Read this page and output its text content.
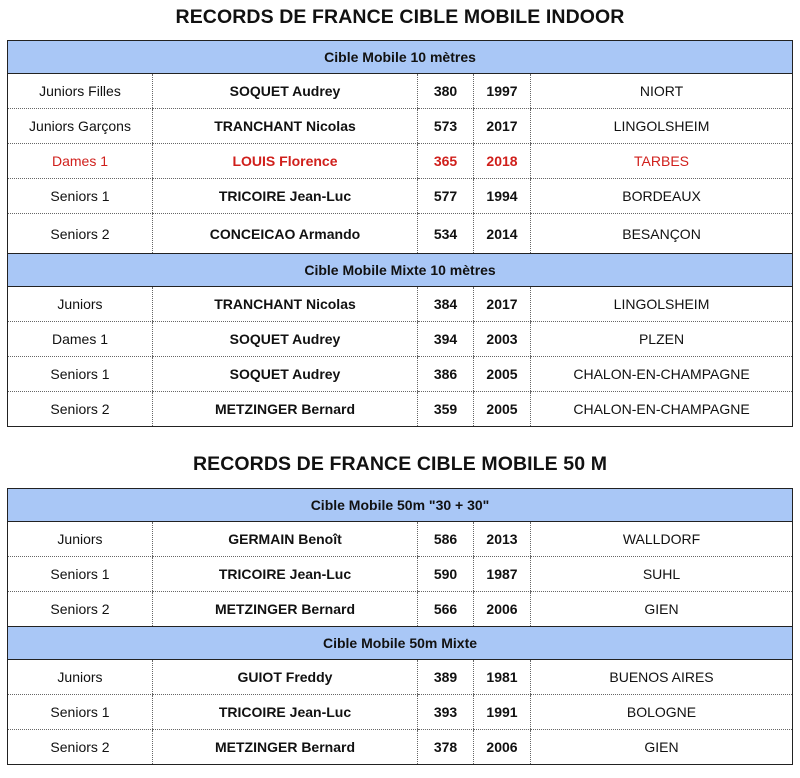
RECORDS DE FRANCE CIBLE MOBILE INDOOR
Cible Mobile 10 mètres				
Juniors Filles	SOQUET Audrey	380	1997	NIORT
Juniors Garçons	TRANCHANT Nicolas	573	2017	LINGOLSHEIM
Dames 1	LOUIS Florence	365	2018	TARBES
Seniors 1	TRICOIRE Jean-Luc	577	1994	BORDEAUX
Seniors 2	CONCEICAO Armando	534	2014	BESANÇON
Cible Mobile Mixte 10 mètres				
Juniors	TRANCHANT Nicolas	384	2017	LINGOLSHEIM
Dames 1	SOQUET Audrey	394	2003	PLZEN
Seniors 1	SOQUET Audrey	386	2005	CHALON-EN-CHAMPAGNE
Seniors 2	METZINGER Bernard	359	2005	CHALON-EN-CHAMPAGNE
RECORDS DE FRANCE CIBLE MOBILE 50 M
Cible Mobile 50m "30 + 30"				
Juniors	GERMAIN Benoît	586	2013	WALLDORF
Seniors 1	TRICOIRE Jean-Luc	590	1987	SUHL
Seniors 2	METZINGER Bernard	566	2006	GIEN
Cible Mobile 50m Mixte				
Juniors	GUIOT Freddy	389	1981	BUENOS AIRES
Seniors 1	TRICOIRE Jean-Luc	393	1991	BOLOGNE
Seniors 2	METZINGER Bernard	378	2006	GIEN
